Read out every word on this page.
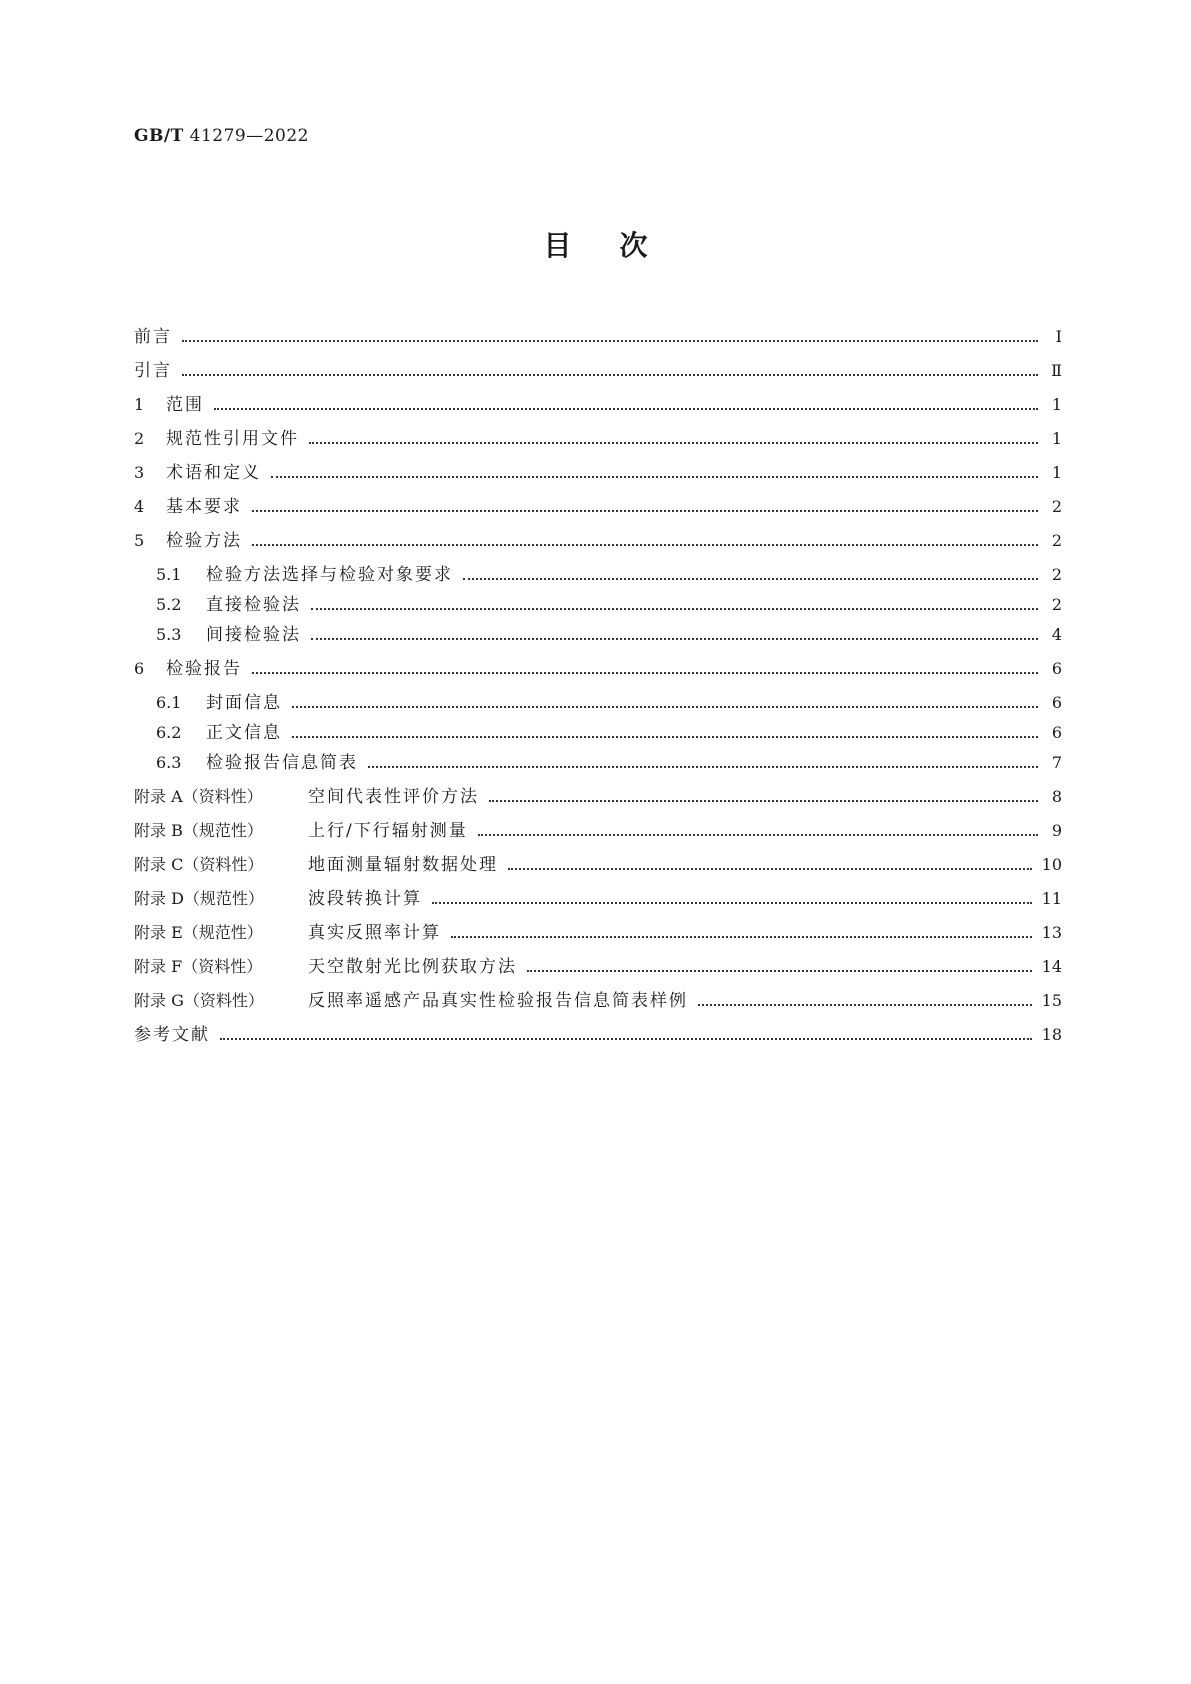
GB/T 41279—2022
目次
前言	Ⅰ
引言	Ⅱ
1	范围	1
2	规范性引用文件	1
3	术语和定义	1
4	基本要求	2
5	检验方法	2
5.1	检验方法选择与检验对象要求	2
5.2	直接检验法	2
5.3	间接检验法	4
6	检验报告	6
6.1	封面信息	6
6.2	正文信息	6
6.3	检验报告信息简表	7
附录 A（资料性）	空间代表性评价方法	8
附录 B（规范性）	上行/下行辐射测量	9
附录 C（资料性）	地面测量辐射数据处理	10
附录 D（规范性）	波段转换计算	11
附录 E（规范性）	真实反照率计算	13
附录 F（资料性）	天空散射光比例获取方法	14
附录 G（资料性）	反照率遥感产品真实性检验报告信息简表样例	15
参考文献	18
